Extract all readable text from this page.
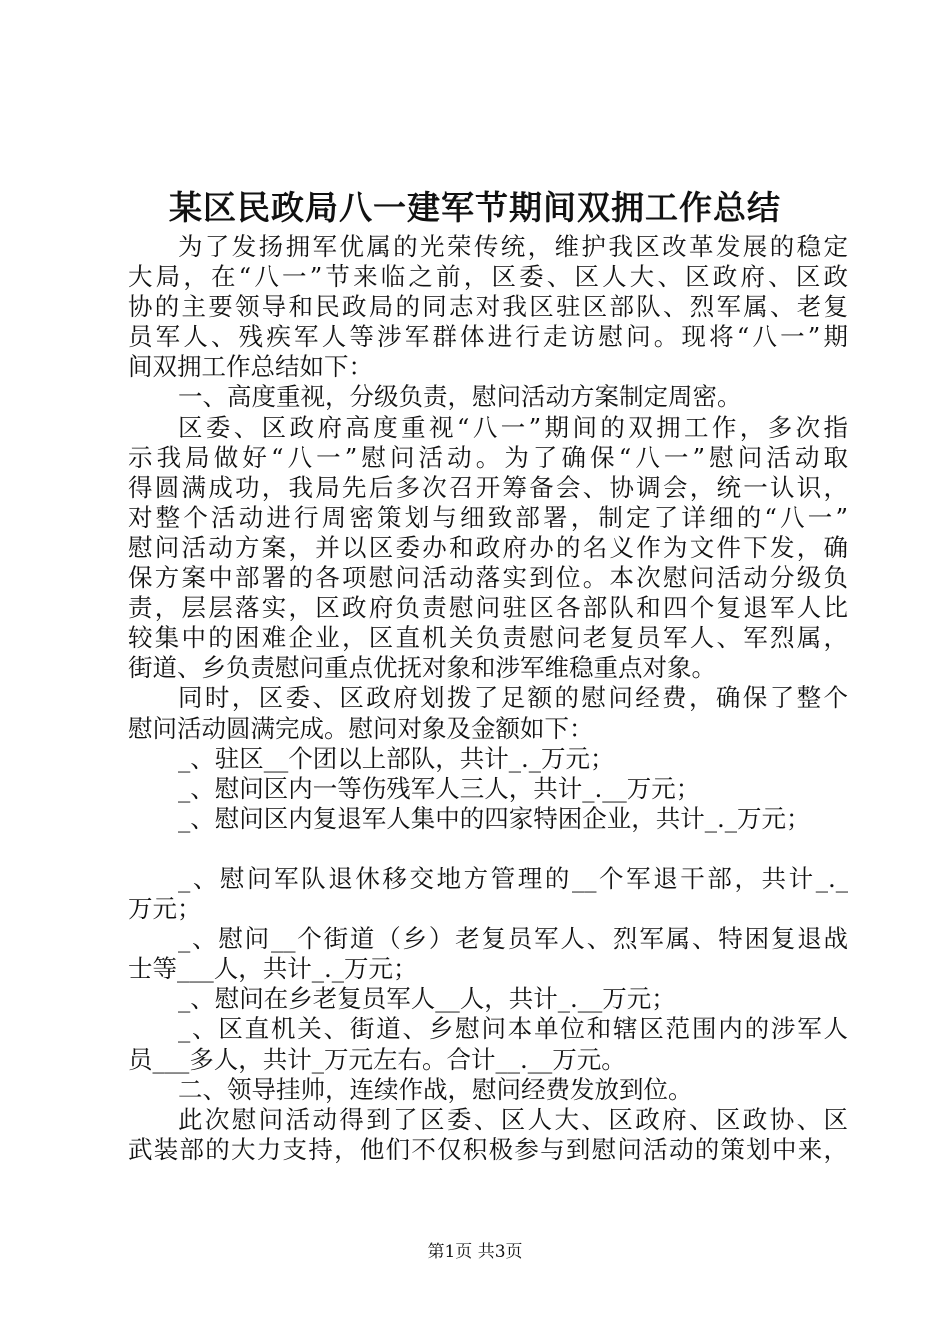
某区民政局八一建军节期间双拥工作总结
为了发扬拥军优属的光荣传统，维护我区改革发展的稳定
大局，在“八一”节来临之前，区委、区人大、区政府、区政
协的主要领导和民政局的同志对我区驻区部队、烈军属、老复
员军人、残疾军人等涉军群体进行走访慰问。现将“八一”期
间双拥工作总结如下：
一、高度重视，分级负责，慰问活动方案制定周密。
区委、区政府高度重视“八一”期间的双拥工作，多次指
示我局做好“八一”慰问活动。为了确保“八一”慰问活动取
得圆满成功，我局先后多次召开筹备会、协调会，统一认识，
对整个活动进行周密策划与细致部署，制定了详细的“八一”
慰问活动方案，并以区委办和政府办的名义作为文件下发，确
保方案中部署的各项慰问活动落实到位。本次慰问活动分级负
责，层层落实，区政府负责慰问驻区各部队和四个复退军人比
较集中的困难企业，区直机关负责慰问老复员军人、军烈属，
街道、乡负责慰问重点优抚对象和涉军维稳重点对象。
同时，区委、区政府划拨了足额的慰问经费，确保了整个
慰问活动圆满完成。慰问对象及金额如下：
_、驻区__个团以上部队，共计_._万元；
_、慰问区内一等伤残军人三人，共计_.__万元；
_、慰问区内复退军人集中的四家特困企业，共计_._万元；
_、慰问军队退休移交地方管理的__个军退干部，共计_._
万元；
_、慰问__个街道（乡）老复员军人、烈军属、特困复退战
士等___人，共计_._万元；
_、慰问在乡老复员军人__人，共计_.__万元；
_、区直机关、街道、乡慰问本单位和辖区范围内的涉军人
员___多人，共计_万元左右。合计__.__万元。
二、领导挂帅，连续作战，慰问经费发放到位。
此次慰问活动得到了区委、区人大、区政府、区政协、区
武装部的大力支持，他们不仅积极参与到慰问活动的策划中来，
第1页 共3页
